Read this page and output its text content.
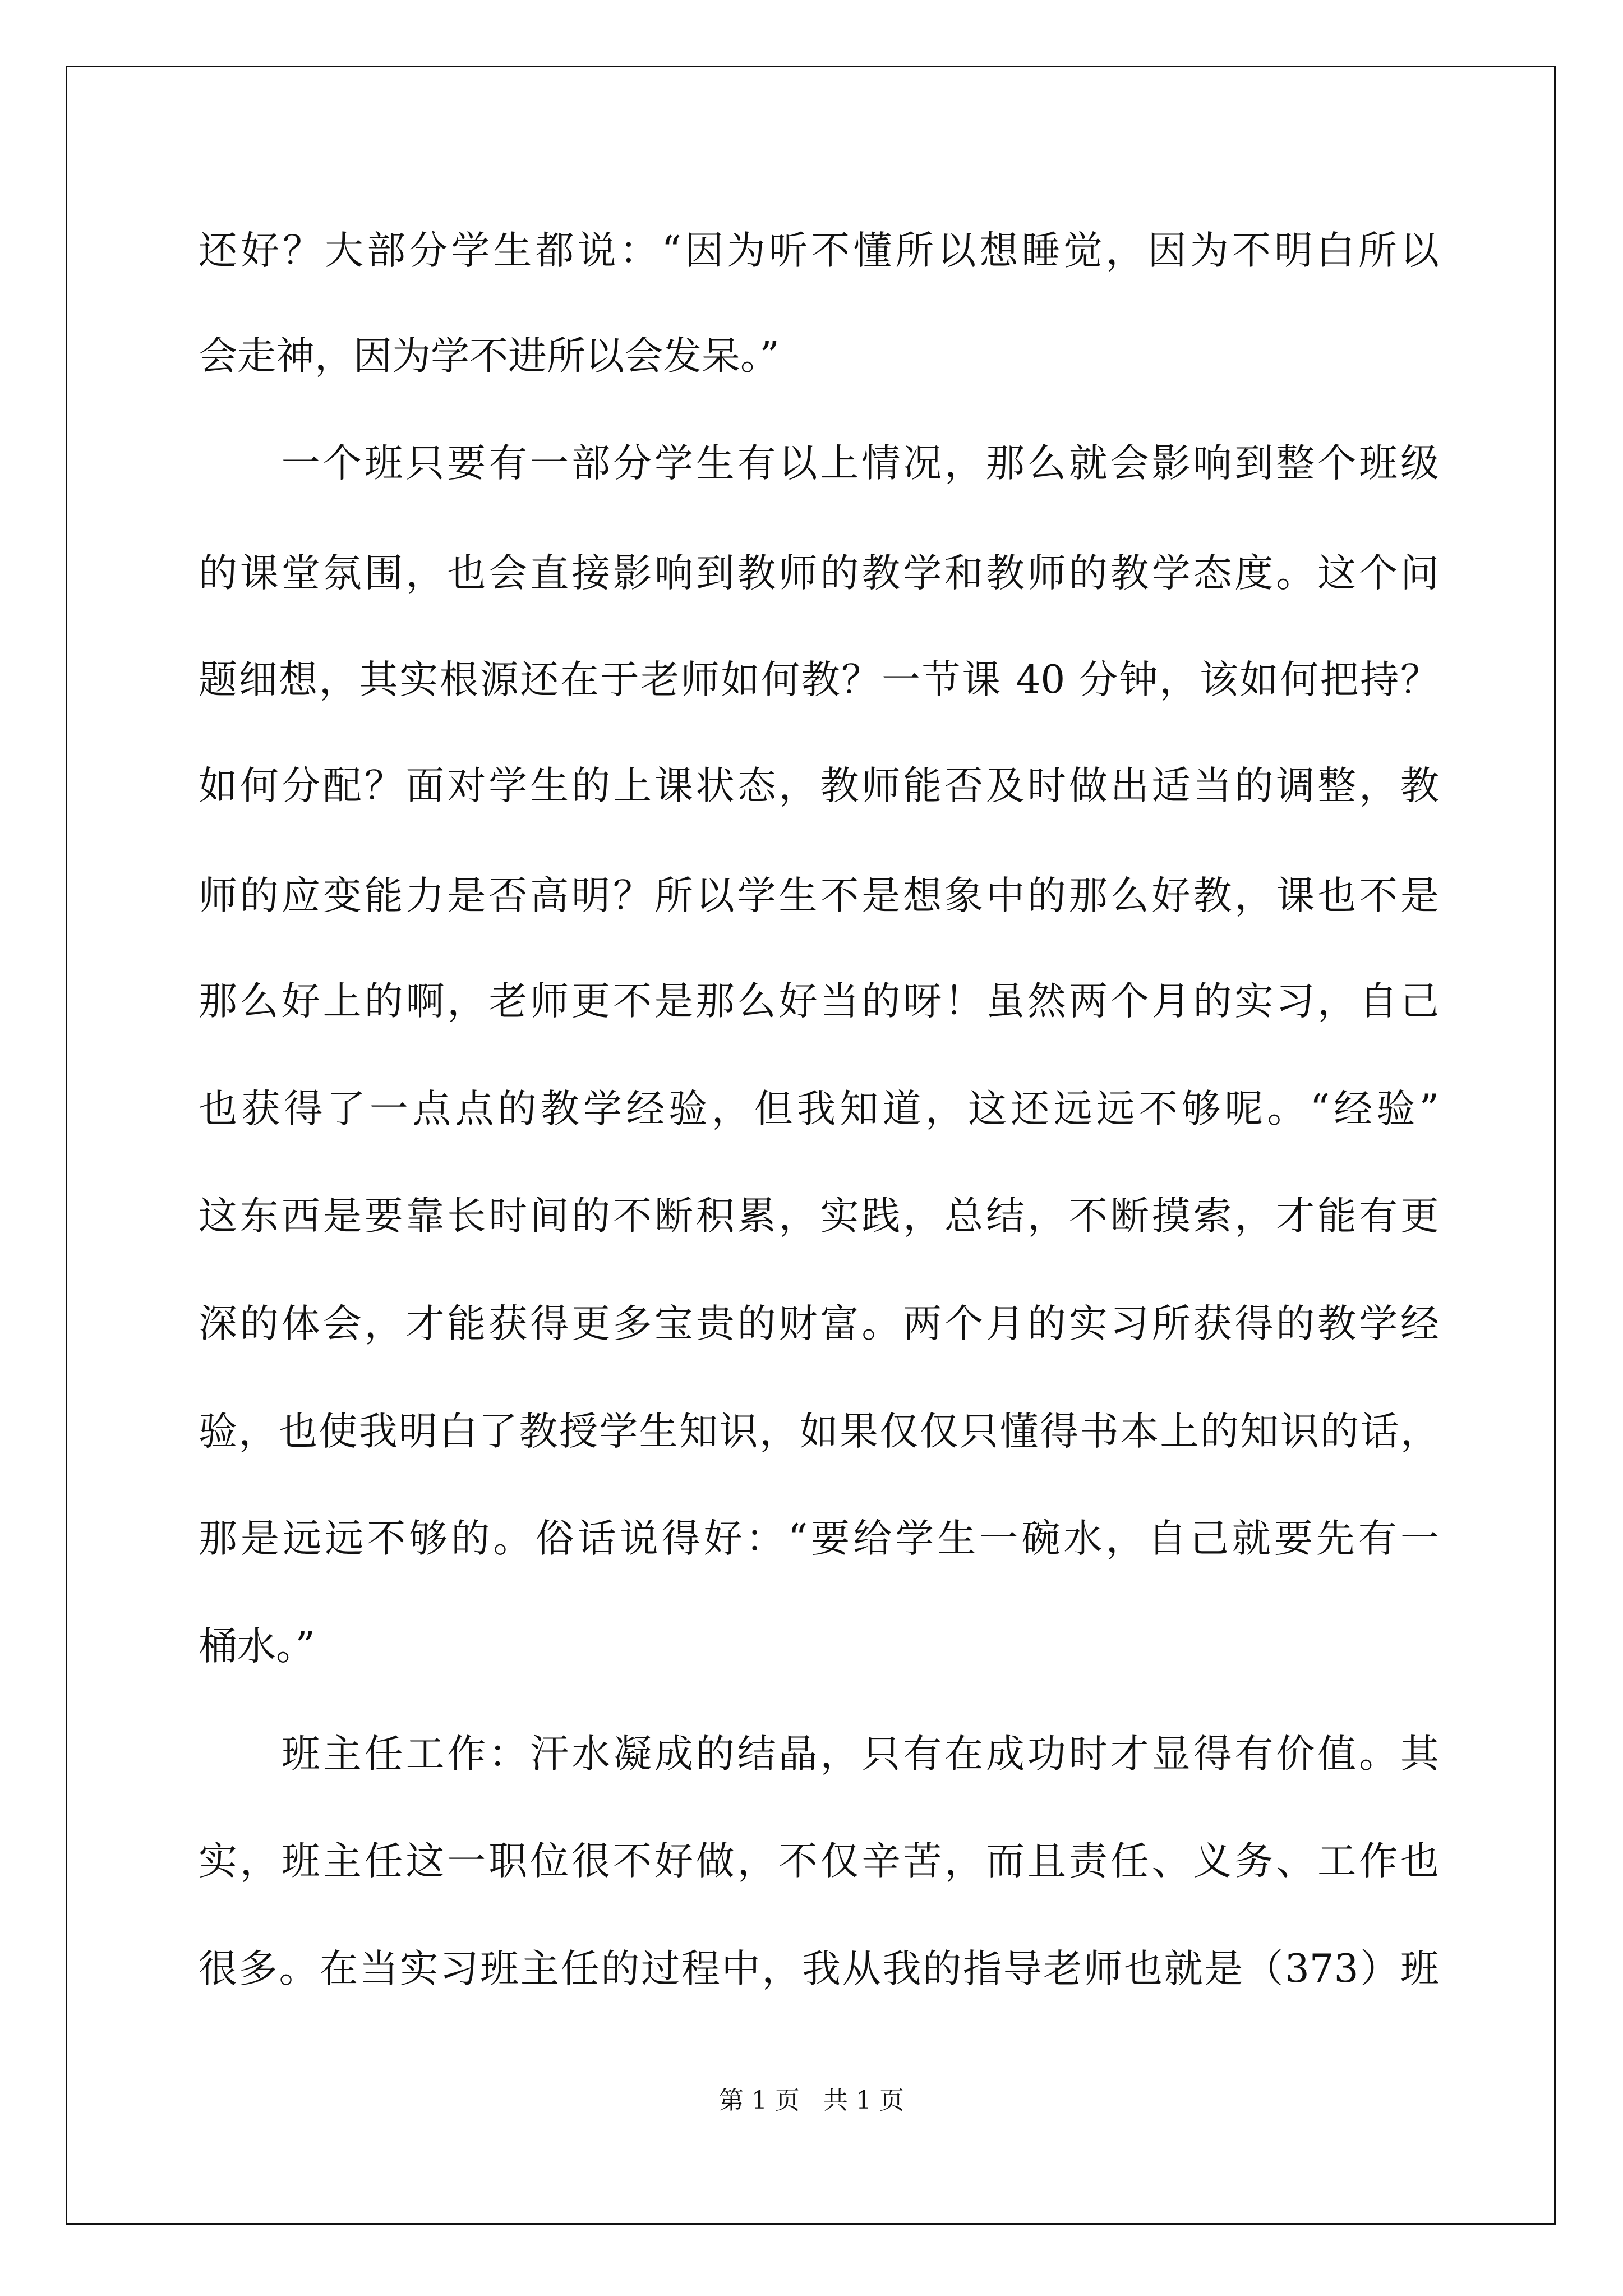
还好？大部分学生都说：“因为听不懂所以想睡觉，因为不明白所以
会走神，因为学不进所以会发呆。”
　　一个班只要有一部分学生有以上情况，那么就会影响到整个班级
的课堂氛围，也会直接影响到教师的教学和教师的教学态度。这个问
题细想，其实根源还在于老师如何教？一节课 40 分钟，该如何把持？
如何分配？面对学生的上课状态，教师能否及时做出适当的调整，教
师的应变能力是否高明？所以学生不是想象中的那么好教，课也不是
那么好上的啊，老师更不是那么好当的呀！虽然两个月的实习，自己
也获得了一点点的教学经验，但我知道，这还远远不够呢。“经验”
这东西是要靠长时间的不断积累，实践，总结，不断摸索，才能有更
深的体会，才能获得更多宝贵的财富。两个月的实习所获得的教学经
验，也使我明白了教授学生知识，如果仅仅只懂得书本上的知识的话，
那是远远不够的。俗话说得好：“要给学生一碗水，自己就要先有一
桶水。”
　　班主任工作：汗水凝成的结晶，只有在成功时才显得有价值。其
实，班主任这一职位很不好做，不仅辛苦，而且责任、义务、工作也
很多。在当实习班主任的过程中，我从我的指导老师也就是（373）班
第 1 页 共 1 页
